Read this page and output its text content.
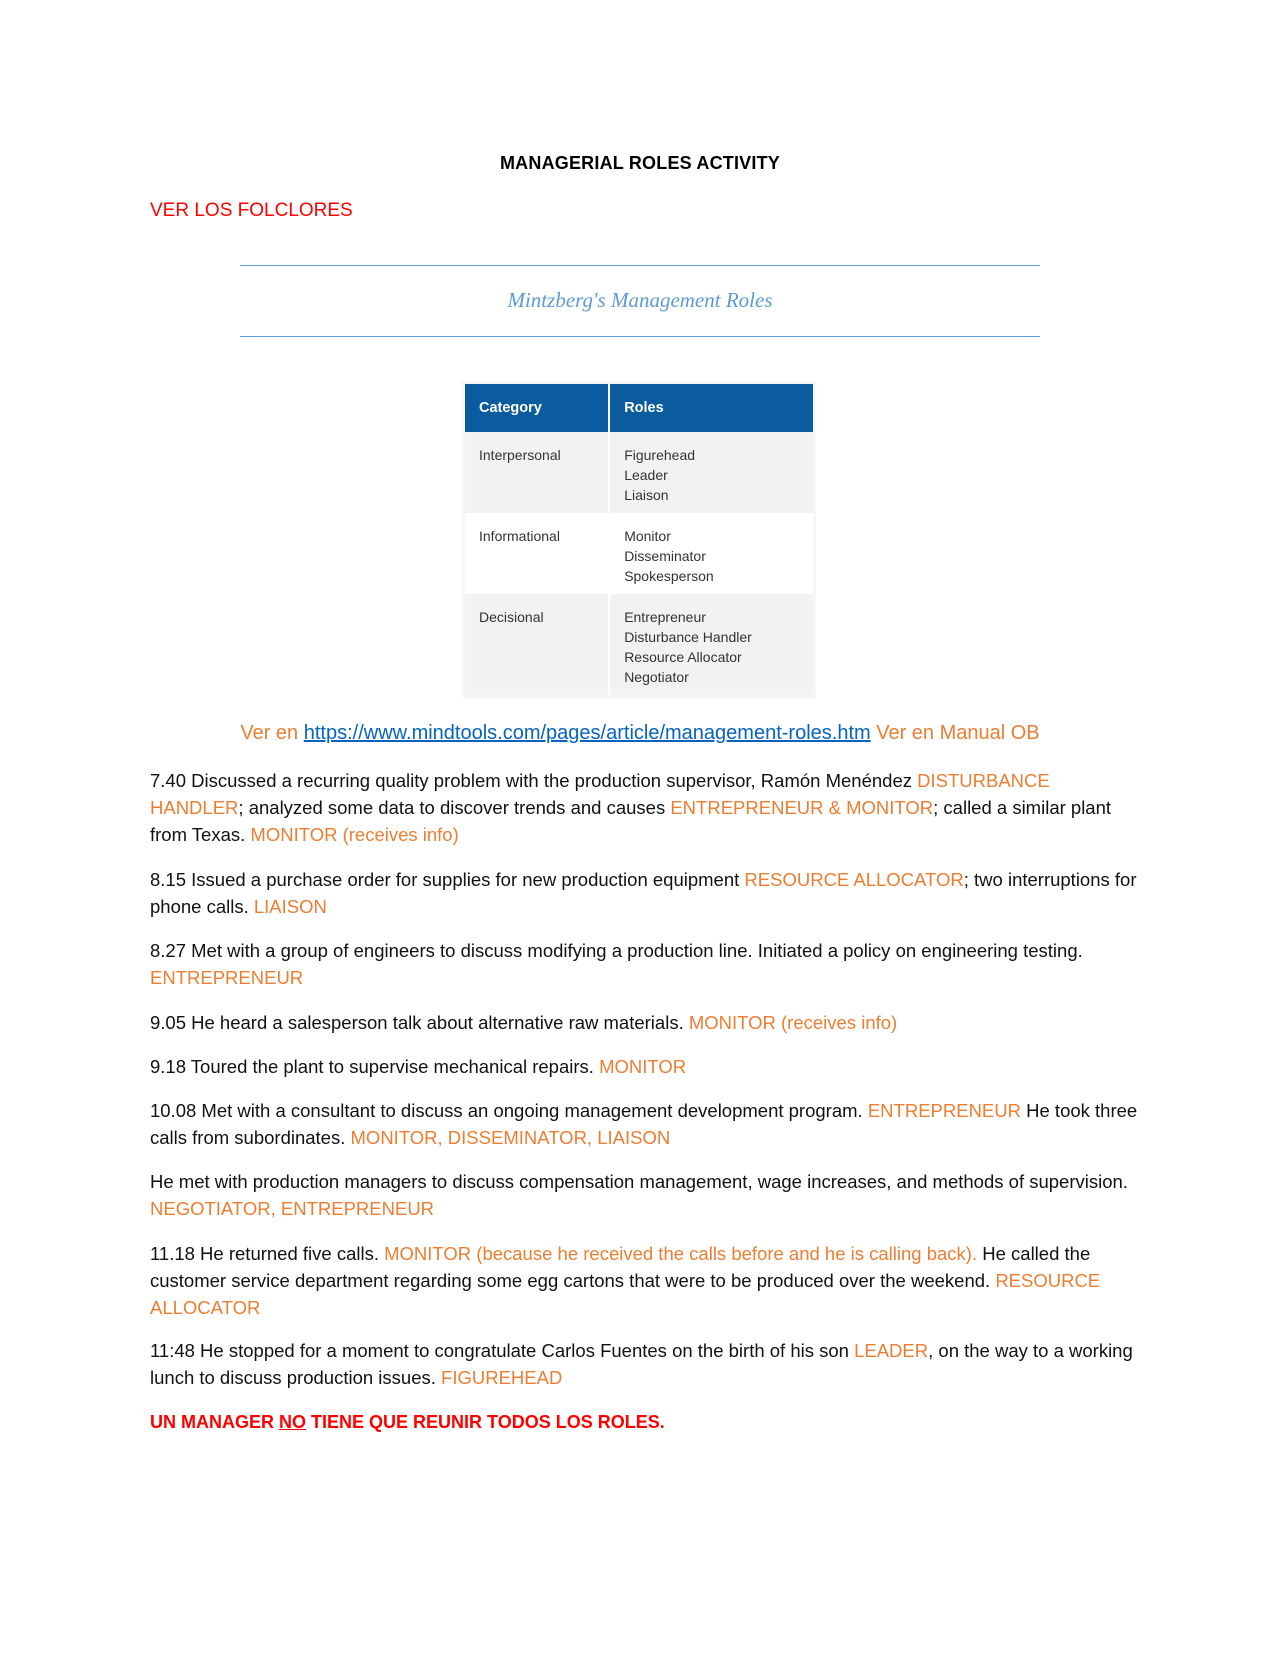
MANAGERIAL ROLES ACTIVITY
VER LOS FOLCLORES
Mintzberg's Management Roles
Category	Roles
Interpersonal	Figurehead
Leader
Liaison

Informational	Monitor
Disseminator
Spokesperson

Decisional	Entrepreneur
Disturbance Handler
Resource Allocator
Negotiator
Ver en https://www.mindtools.com/pages/article/management-roles.htm Ver en Manual OB
7.40 Discussed a recurring quality problem with the production supervisor, Ramón Menéndez DISTURBANCE HANDLER; analyzed some data to discover trends and causes ENTREPRENEUR & MONITOR; called a similar plant from Texas. MONITOR (receives info)
8.15 Issued a purchase order for supplies for new production equipment RESOURCE ALLOCATOR; two interruptions for phone calls. LIAISON
8.27 Met with a group of engineers to discuss modifying a production line. Initiated a policy on engineering testing. ENTREPRENEUR
9.05 He heard a salesperson talk about alternative raw materials. MONITOR (receives info)
9.18 Toured the plant to supervise mechanical repairs. MONITOR
10.08 Met with a consultant to discuss an ongoing management development program. ENTREPRENEUR He took three calls from subordinates. MONITOR, DISSEMINATOR, LIAISON
He met with production managers to discuss compensation management, wage increases, and methods of supervision. NEGOTIATOR, ENTREPRENEUR
11.18 He returned five calls. MONITOR (because he received the calls before and he is calling back). He called the customer service department regarding some egg cartons that were to be produced over the weekend. RESOURCE ALLOCATOR
11:48 He stopped for a moment to congratulate Carlos Fuentes on the birth of his son LEADER, on the way to a working lunch to discuss production issues. FIGUREHEAD
UN MANAGER NO TIENE QUE REUNIR TODOS LOS ROLES.
